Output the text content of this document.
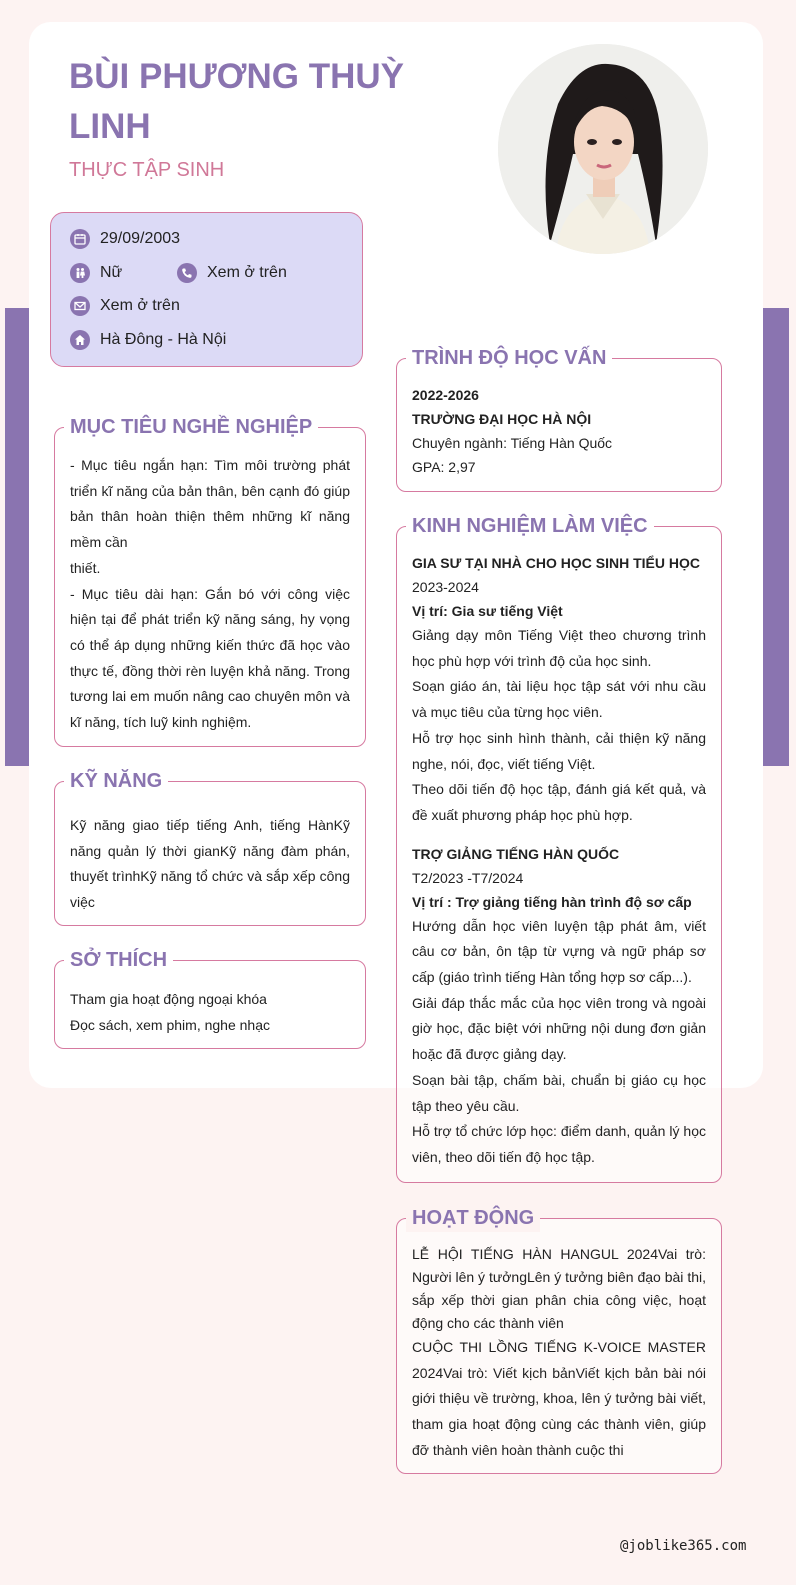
BÙI PHƯƠNG THUỲ LINH
THỰC TẬP SINH
29/09/2003
Nữ	Xem ở trên
Xem ở trên
Hà Đông - Hà Nội
MỤC TIÊU NGHỀ NGHIỆP

- Mục tiêu ngắn hạn: Tìm môi trường phát triển kĩ năng của bản thân, bên cạnh đó giúp bản thân hoàn thiện thêm những kĩ năng mềm cần

thiết.

- Mục tiêu dài hạn: Gắn bó với công việc hiện tại để phát triển kỹ năng sáng, hy vọng có thể áp dụng những kiến thức đã học vào thực tế, đồng thời rèn luyện khả năng. Trong tương lai em muốn nâng cao chuyên môn và kĩ năng, tích luỹ kinh nghiệm.

KỸ NĂNG

Kỹ năng giao tiếp tiếng Anh, tiếng HànKỹ năng quản lý thời gianKỹ năng đàm phán, thuyết trìnhKỹ năng tổ chức và sắp xếp công việc

SỞ THÍCH

Tham gia hoạt động ngoại khóa

Đọc sách, xem phim, nghe nhạc

TRÌNH ĐỘ HỌC VẤN

2022-2026

TRƯỜNG ĐẠI HỌC HÀ NỘI

Chuyên ngành: Tiếng Hàn Quốc

GPA: 2,97

KINH NGHIỆM LÀM VIỆC

GIA SƯ TẠI NHÀ CHO HỌC SINH TIỂU HỌC

2023-2024

Vị trí: Gia sư tiếng Việt

Giảng dạy môn Tiếng Việt theo chương trình học phù hợp với trình độ của học sinh.

Soạn giáo án, tài liệu học tập sát với nhu cầu và mục tiêu của từng học viên.

Hỗ trợ học sinh hình thành, cải thiện kỹ năng nghe, nói, đọc, viết tiếng Việt.

Theo dõi tiến độ học tập, đánh giá kết quả, và đề xuất phương pháp học phù hợp.

TRỢ GIẢNG TIẾNG HÀN QUỐC

T2/2023 -T7/2024

Vị trí : Trợ giảng tiếng hàn trình độ sơ cấp

Hướng dẫn học viên luyện tập phát âm, viết câu cơ bản, ôn tập từ vựng và ngữ pháp sơ cấp (giáo trình tiếng Hàn tổng hợp sơ cấp...).

Giải đáp thắc mắc của học viên trong và ngoài giờ học, đặc biệt với những nội dung đơn giản hoặc đã được giảng dạy.

Soạn bài tập, chấm bài, chuẩn bị giáo cụ học tập theo yêu cầu.

Hỗ trợ tổ chức lớp học: điểm danh, quản lý học viên, theo dõi tiến độ học tập.

HOẠT ĐỘNG

LỄ HỘI TIẾNG HÀN HANGUL 2024Vai trò: Người lên ý tưởngLên ý tưởng biên đạo bài thi, sắp xếp thời gian phân chia công việc, hoạt động cho các thành viên

CUỘC THI LỒNG TIẾNG K-VOICE MASTER 2024Vai trò: Viết kịch bảnViết kịch bản bài nói giới thiệu về trường, khoa, lên ý tưởng bài viết, tham gia hoạt động cùng các thành viên, giúp đỡ thành viên hoàn thành cuộc thi

@joblike365.com
